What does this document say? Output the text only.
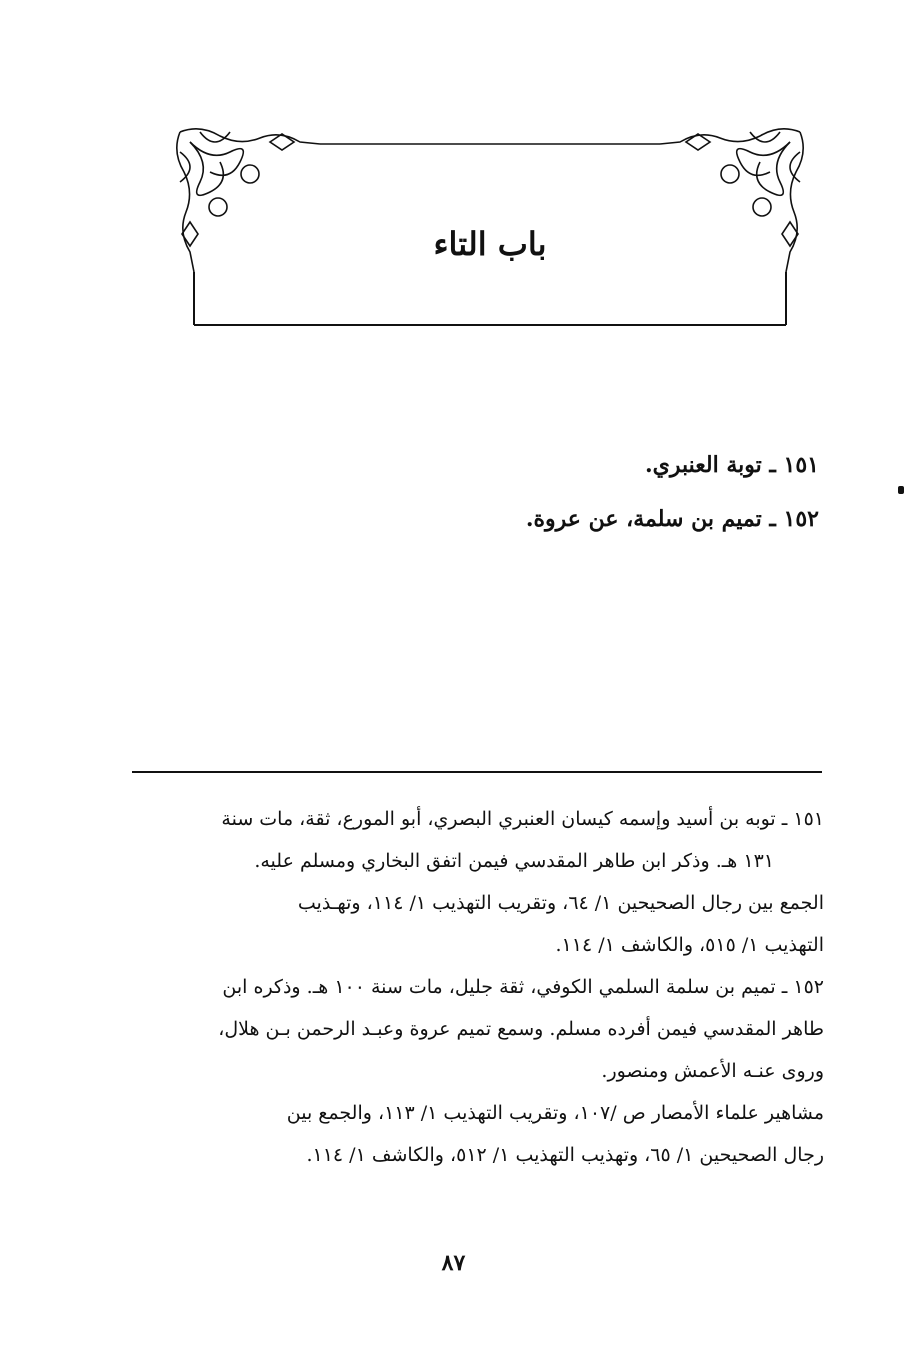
باب التاء
١٥١ ـ توبة العنبري.
١٥٢ ـ تميم بن سلمة، عن عروة.
١٥١ ـ توبه بن أسيد وإسمه كيسان العنبري البصري، أبو المورع، ثقة، مات سنة
١٣١ هـ. وذكر ابن طاهر المقدسي فيمن اتفق البخاري ومسلم عليه.
الجمع بين رجال الصحيحين ١/ ٦٤، وتقريب التهذيب ١/ ١١٤، وتهـذيب
التهذيب ١/ ٥١٥، والكاشف ١/ ١١٤.
١٥٢ ـ تميم بن سلمة السلمي الكوفي، ثقة جليل، مات سنة ١٠٠ هـ. وذكره ابن
طاهر المقدسي فيمن أفرده مسلم. وسمع تميم عروة وعبـد الرحمن بـن هلال،
وروى عنـه الأعمش ومنصور.
مشاهير علماء الأمصار ص /١٠٧، وتقريب التهذيب ١/ ١١٣، والجمع بين
رجال الصحيحين ١/ ٦٥، وتهذيب التهذيب ١/ ٥١٢، والكاشف ١/ ١١٤.
٨٧
